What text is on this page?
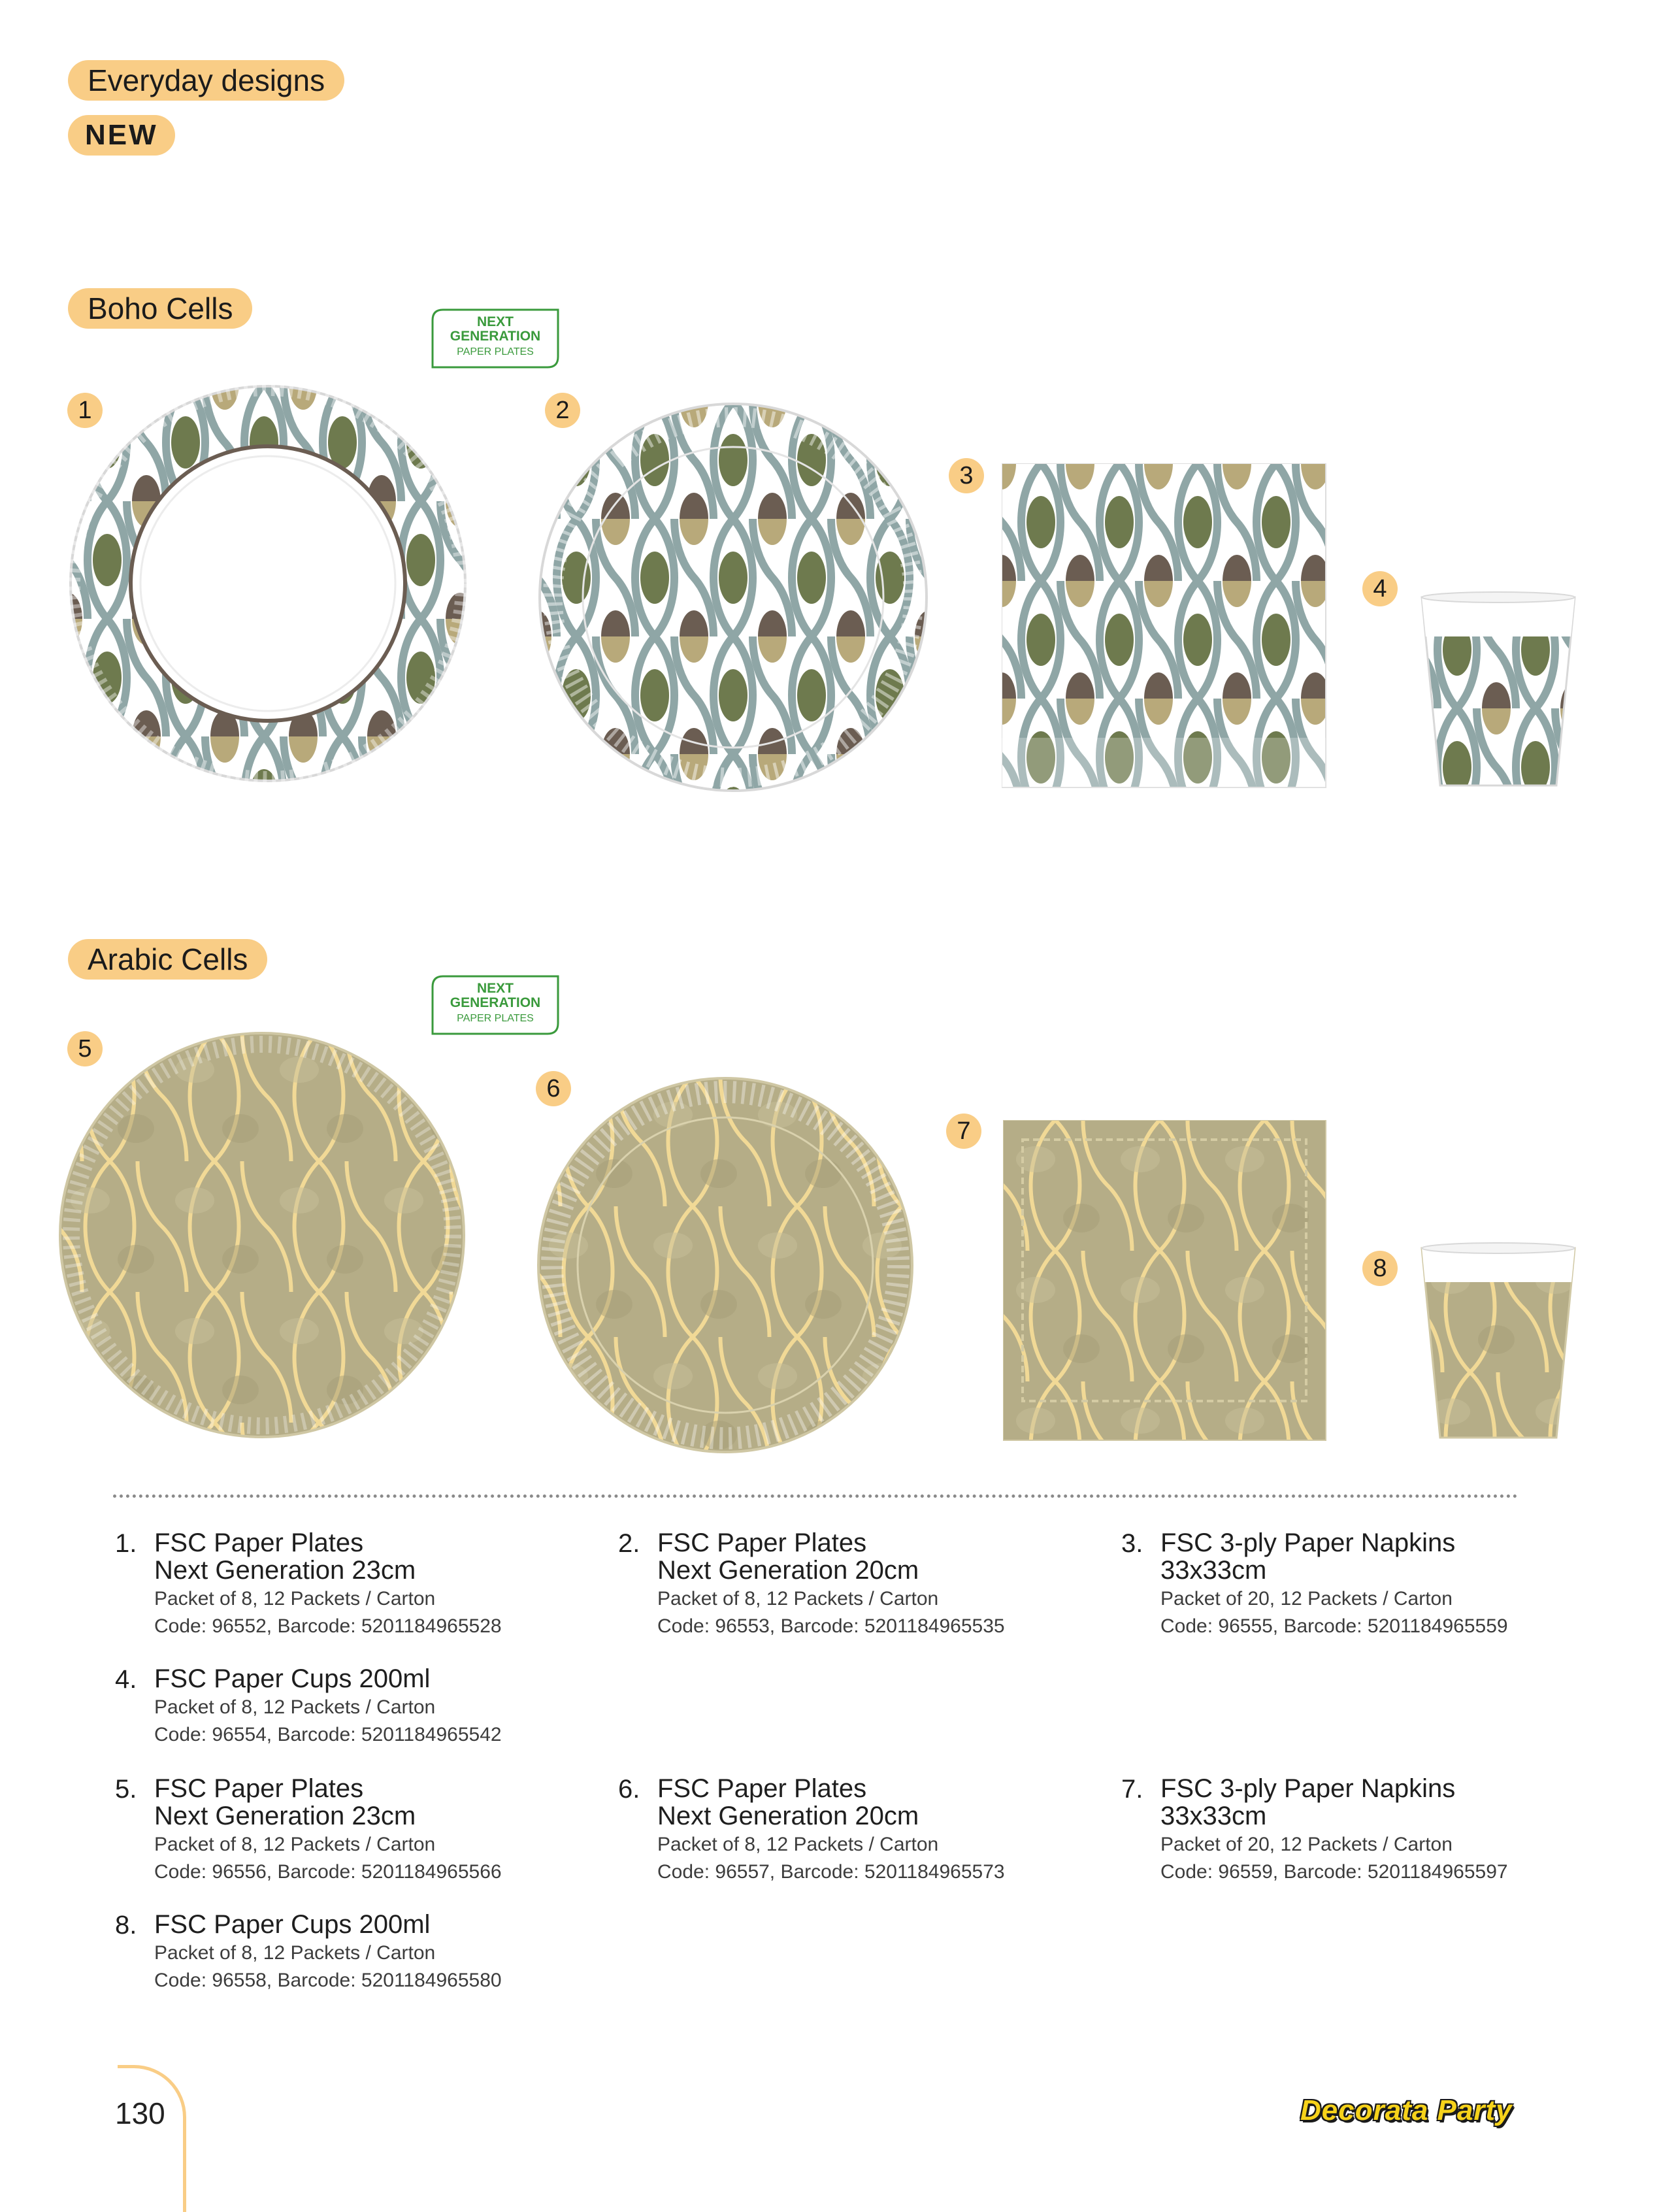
Everyday designs
NEW
Boho Cells	NEXT
GENERATION
PAPER PLATES
1	2
3
4
Arabic Cells
NEXT
GENERATION
PAPER PLATES
5
6
7
8
1. FSC Paper Plates
Next Generation 23cm
Packet of 8, 12 Packets / Carton
Code: 96552, Barcode: 5201184965528
2. FSC Paper Plates
Next Generation 20cm
Packet of 8, 12 Packets / Carton
Code: 96553, Barcode: 5201184965535
3. FSC 3-ply Paper Napkins
33x33cm
Packet of 20, 12 Packets / Carton
Code: 96555, Barcode: 5201184965559
4. FSC Paper Cups 200ml
Packet of 8, 12 Packets / Carton
Code: 96554, Barcode: 5201184965542
5. FSC Paper Plates
Next Generation 23cm
Packet of 8, 12 Packets / Carton
Code: 96556, Barcode: 5201184965566
6. FSC Paper Plates
Next Generation 20cm
Packet of 8, 12 Packets / Carton
Code: 96557, Barcode: 5201184965573
7. FSC 3-ply Paper Napkins
33x33cm
Packet of 20, 12 Packets / Carton
Code: 96559, Barcode: 5201184965597
8. FSC Paper Cups 200ml
Packet of 8, 12 Packets / Carton
Code: 96558, Barcode: 5201184965580
130	Decorata Party
